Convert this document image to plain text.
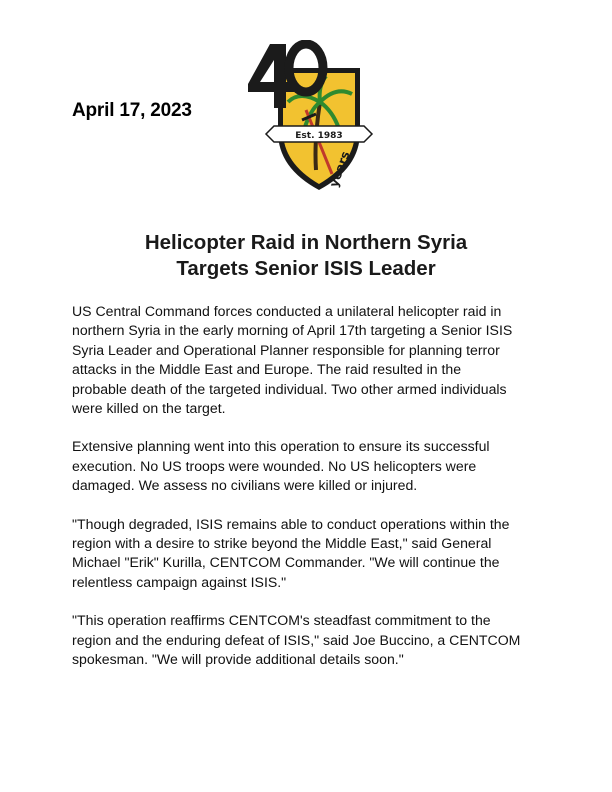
April 17, 2023
Est. 1983
years
Helicopter Raid in Northern Syria
Targets Senior ISIS Leader

US Central Command forces conducted a unilateral helicopter raid in
northern Syria in the early morning of April 17th targeting a Senior ISIS
Syria Leader and Operational Planner responsible for planning terror
attacks in the Middle East and Europe. The raid resulted in the
probable death of the targeted individual. Two other armed individuals
were killed on the target.

Extensive planning went into this operation to ensure its successful
execution. No US troops were wounded. No US helicopters were
damaged. We assess no civilians were killed or injured.

"Though degraded, ISIS remains able to conduct operations within the
region with a desire to strike beyond the Middle East," said General
Michael "Erik" Kurilla, CENTCOM Commander. "We will continue the
relentless campaign against ISIS."

"This operation reaffirms CENTCOM's steadfast commitment to the
region and the enduring defeat of ISIS," said Joe Buccino, a CENTCOM
spokesman. "We will provide additional details soon."
